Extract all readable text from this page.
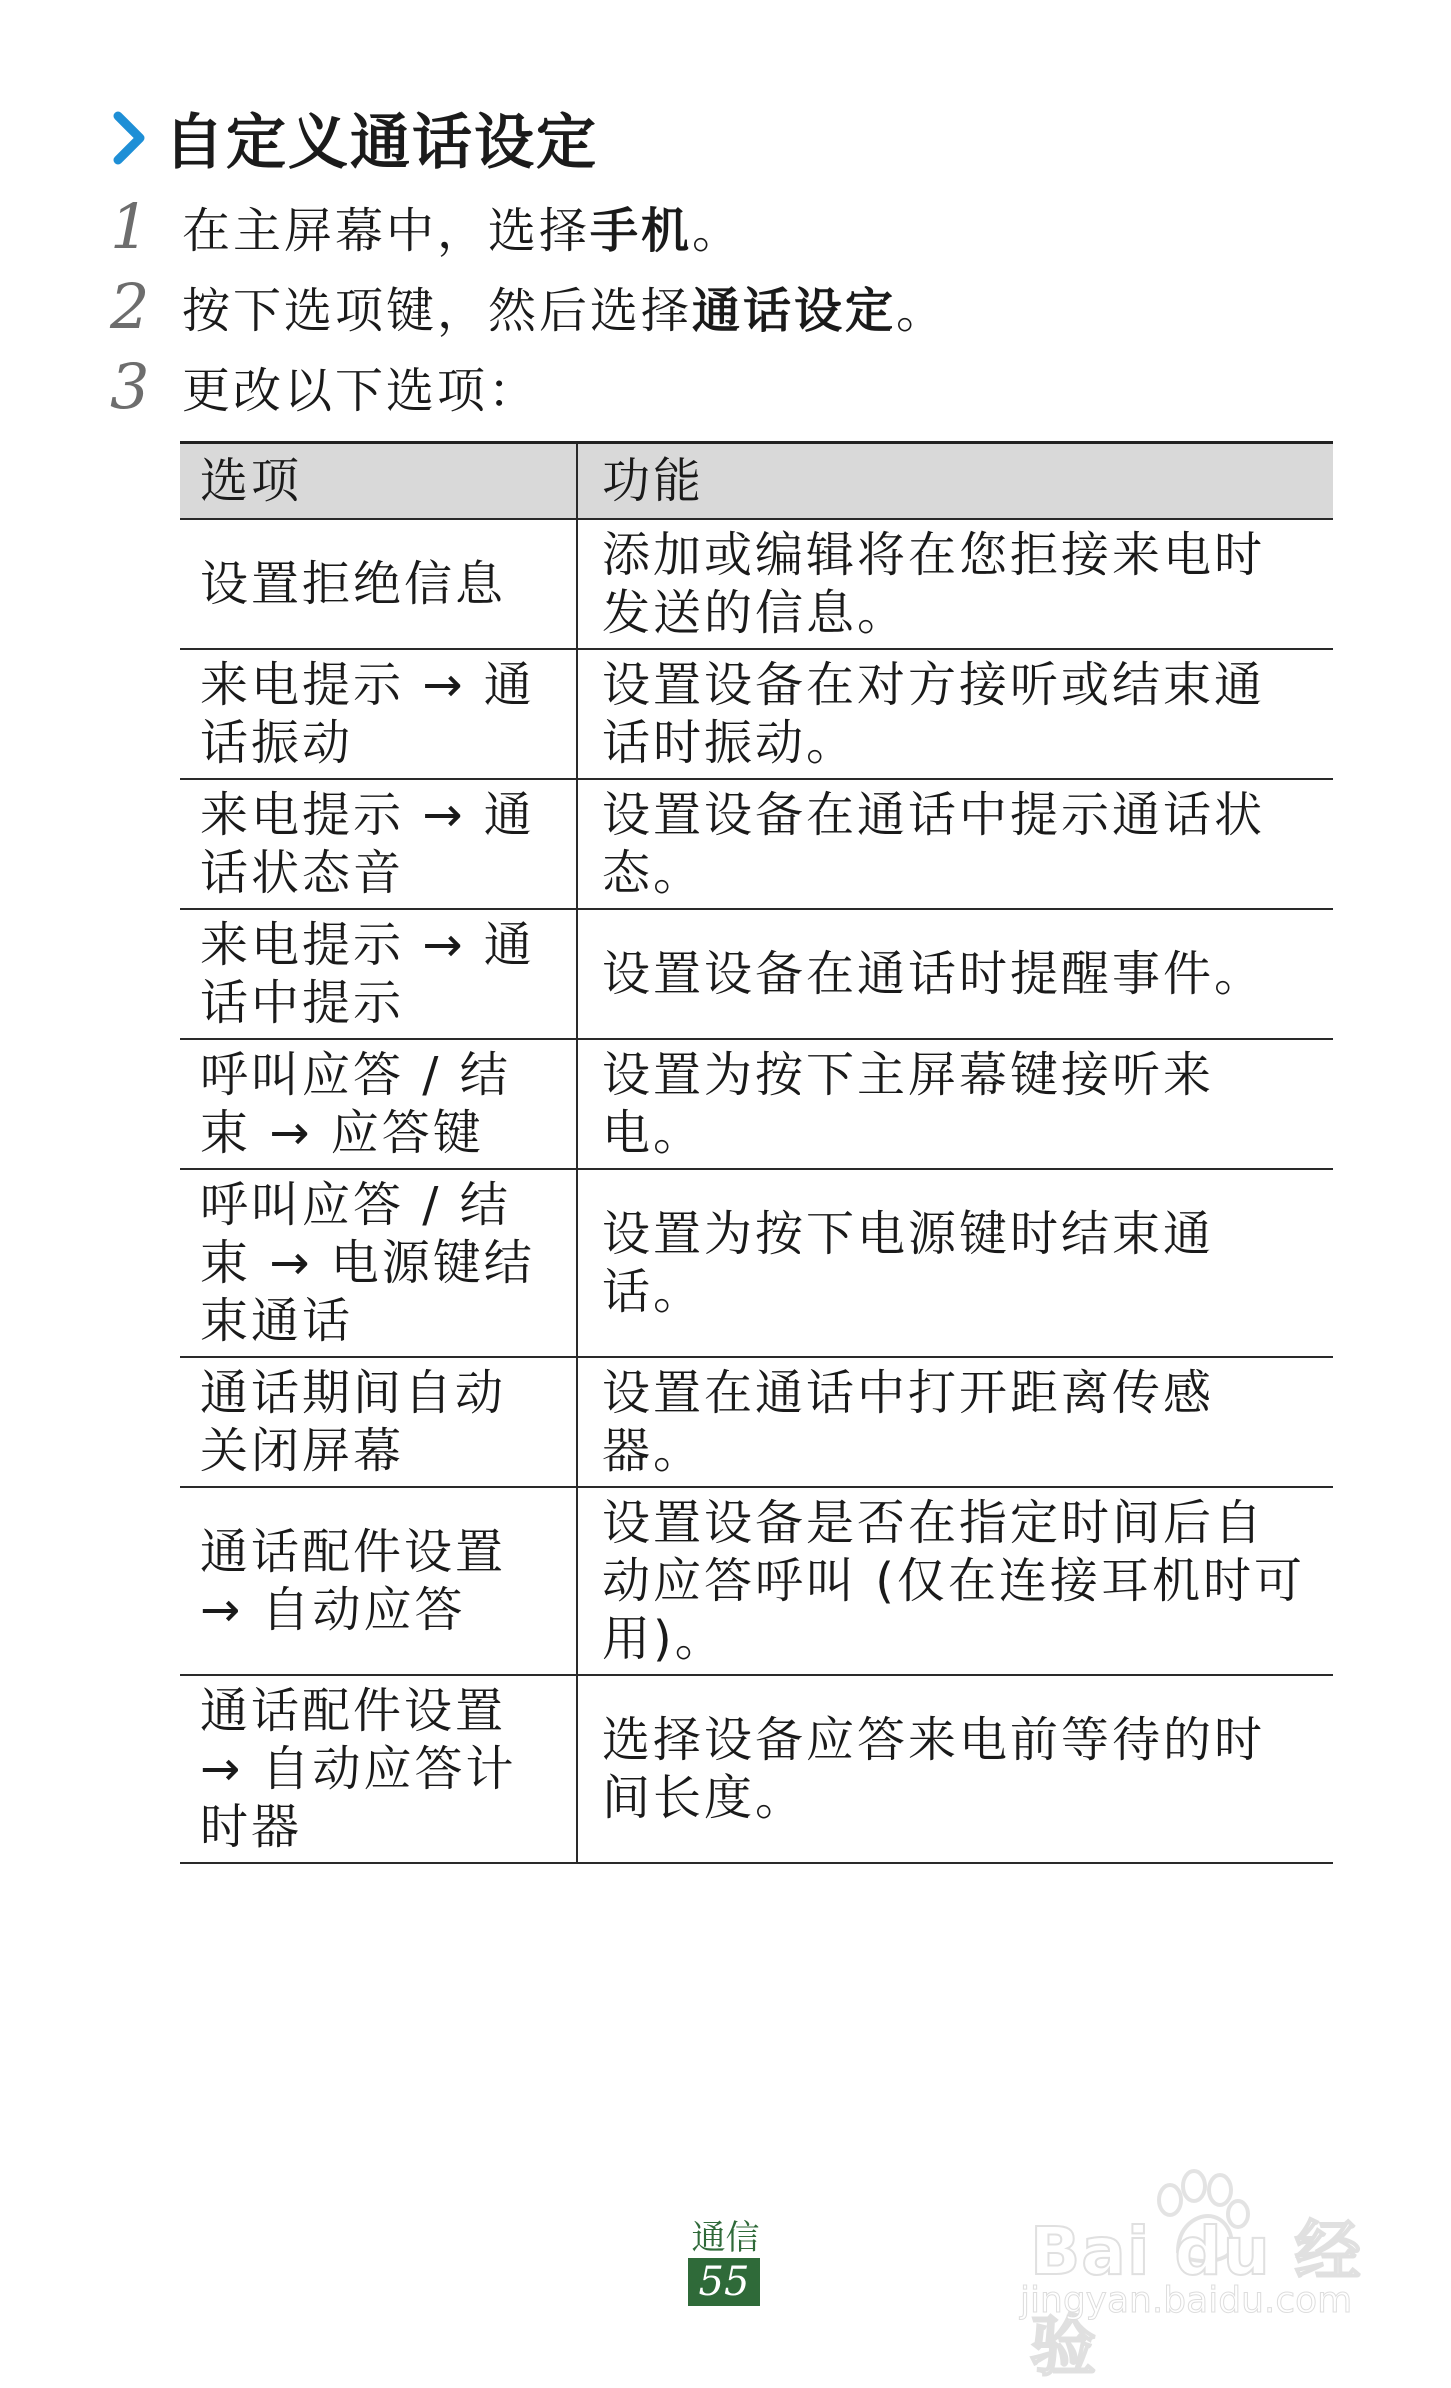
自定义通话设定
1 在主屏幕中，选择手机。
2 按下选项键，然后选择通话设定。
3 更改以下选项：
选项	功能
设置拒绝信息	添加或编辑将在您拒接来电时发送的信息。
来电提示 → 通话振动	设置设备在对方接听或结束通话时振动。
来电提示 → 通话状态音	设置设备在通话中提示通话状态。
来电提示 → 通话中提示	设置设备在通话时提醒事件。
呼叫应答 / 结束 → 应答键	设置为按下主屏幕键接听来电。
呼叫应答 / 结束 → 电源键结束通话	设置为按下电源键时结束通话。
通话期间自动关闭屏幕	设置在通话中打开距离传感器。
通话配件设置 → 自动应答	设置设备是否在指定时间后自动应答呼叫 (仅在连接耳机时可用)。
通话配件设置 → 自动应答计时器	选择设备应答来电前等待的时间长度。
通信
55	Bai du 经验
jingyan.baidu.com
